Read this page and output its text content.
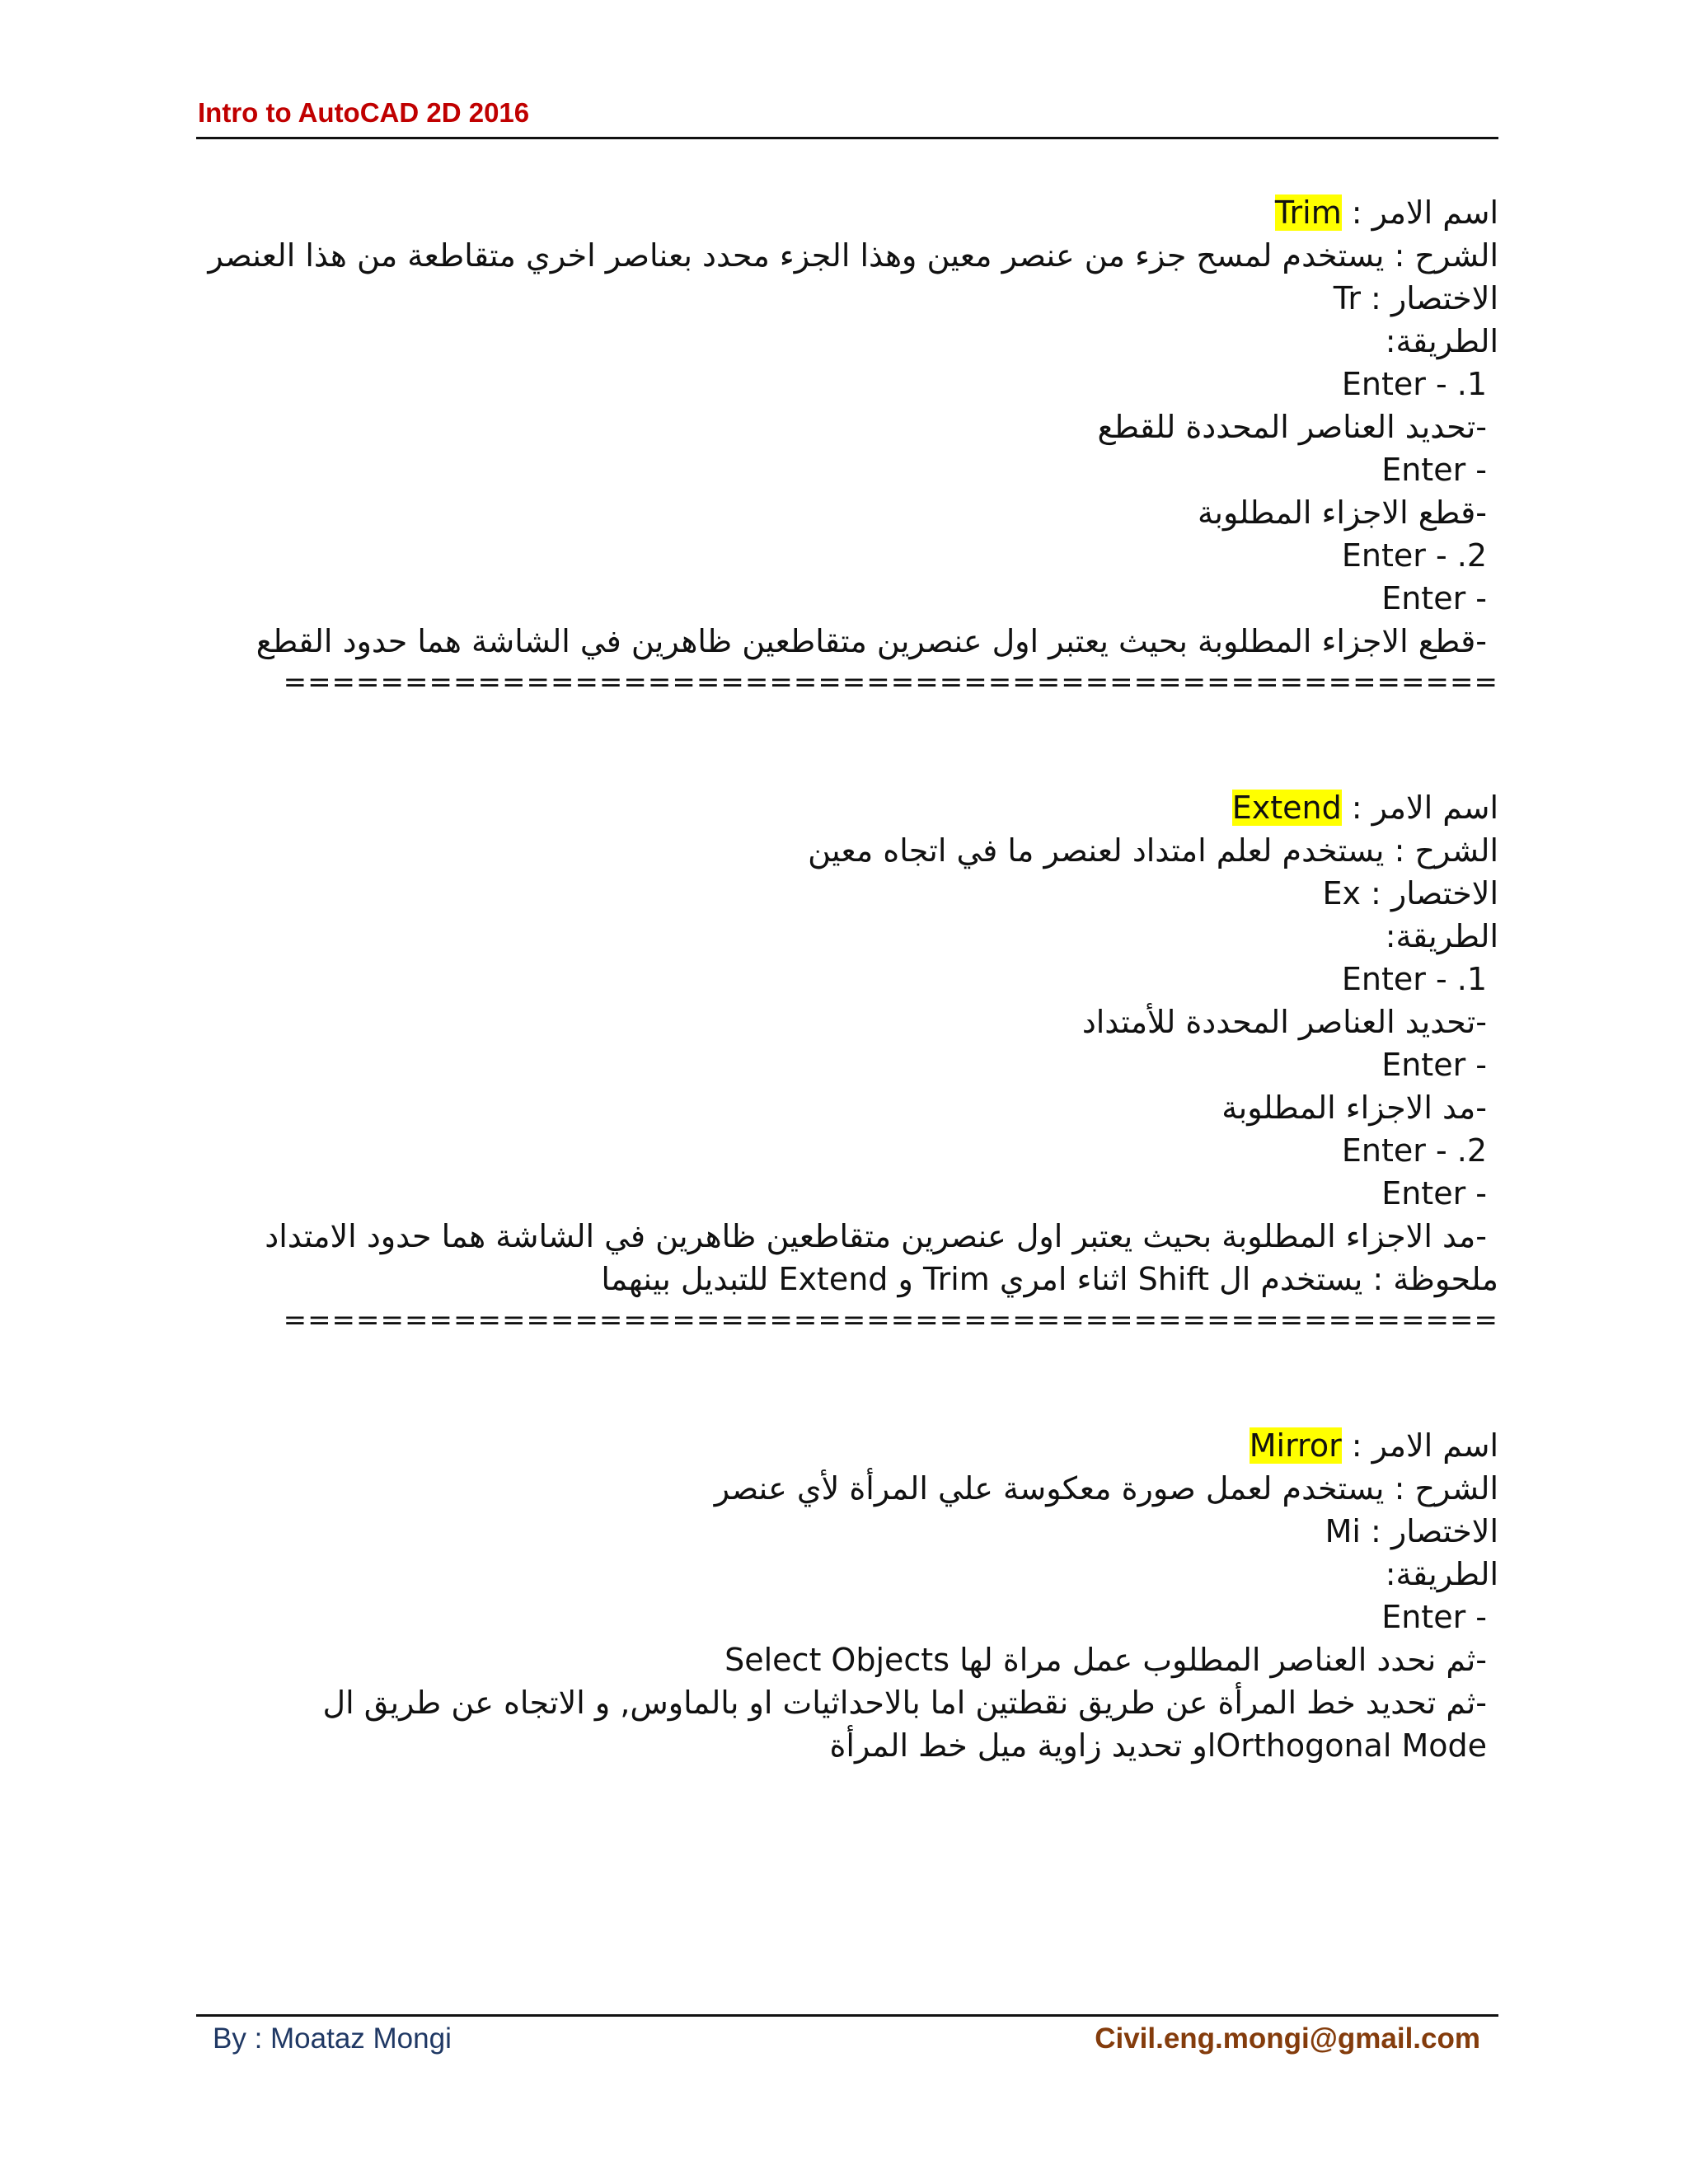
Intro to AutoCAD 2D 2016

اسم الامر : Trim

الشرح : يستخدم لمسح جزء من عنصر معين وهذا الجزء محدد بعناصر اخري متقاطعة من هذا العنصر

الاختصار : Tr

الطريقة:

1. - Enter

-تحديد العناصر المحددة للقطع

- Enter

-قطع الاجزاء المطلوبة

2. - Enter

- Enter

-قطع الاجزاء المطلوبة بحيث يعتبر اول عنصرين متقاطعين ظاهرين في الشاشة هما حدود القطع

==================================================

اسم الامر : Extend

الشرح : يستخدم لعلم امتداد لعنصر ما في اتجاه معين

الاختصار : Ex

الطريقة:

1. - Enter

-تحديد العناصر المحددة للأمتداد

- Enter

-مد الاجزاء المطلوبة

2. - Enter

- Enter

-مد الاجزاء المطلوبة بحيث يعتبر اول عنصرين متقاطعين ظاهرين في الشاشة هما حدود الامتداد

ملحوظة : يستخدم ال Shift اثناء امري Trim و Extend للتبديل بينهما

==================================================

اسم الامر : Mirror

الشرح : يستخدم لعمل صورة معكوسة علي المرأة لأي عنصر

الاختصار : Mi

الطريقة:

- Enter

-ثم نحدد العناصر المطلوب عمل مراة لها Select Objects

-ثم تحديد خط المرأة عن طريق نقطتين اما بالاحداثيات او بالماوس, و الاتجاه عن طريق ال Orthogonal Modeاو تحديد زاوية ميل خط المرأة

By : Moataz Mongi	Civil.eng.mongi@gmail.com
